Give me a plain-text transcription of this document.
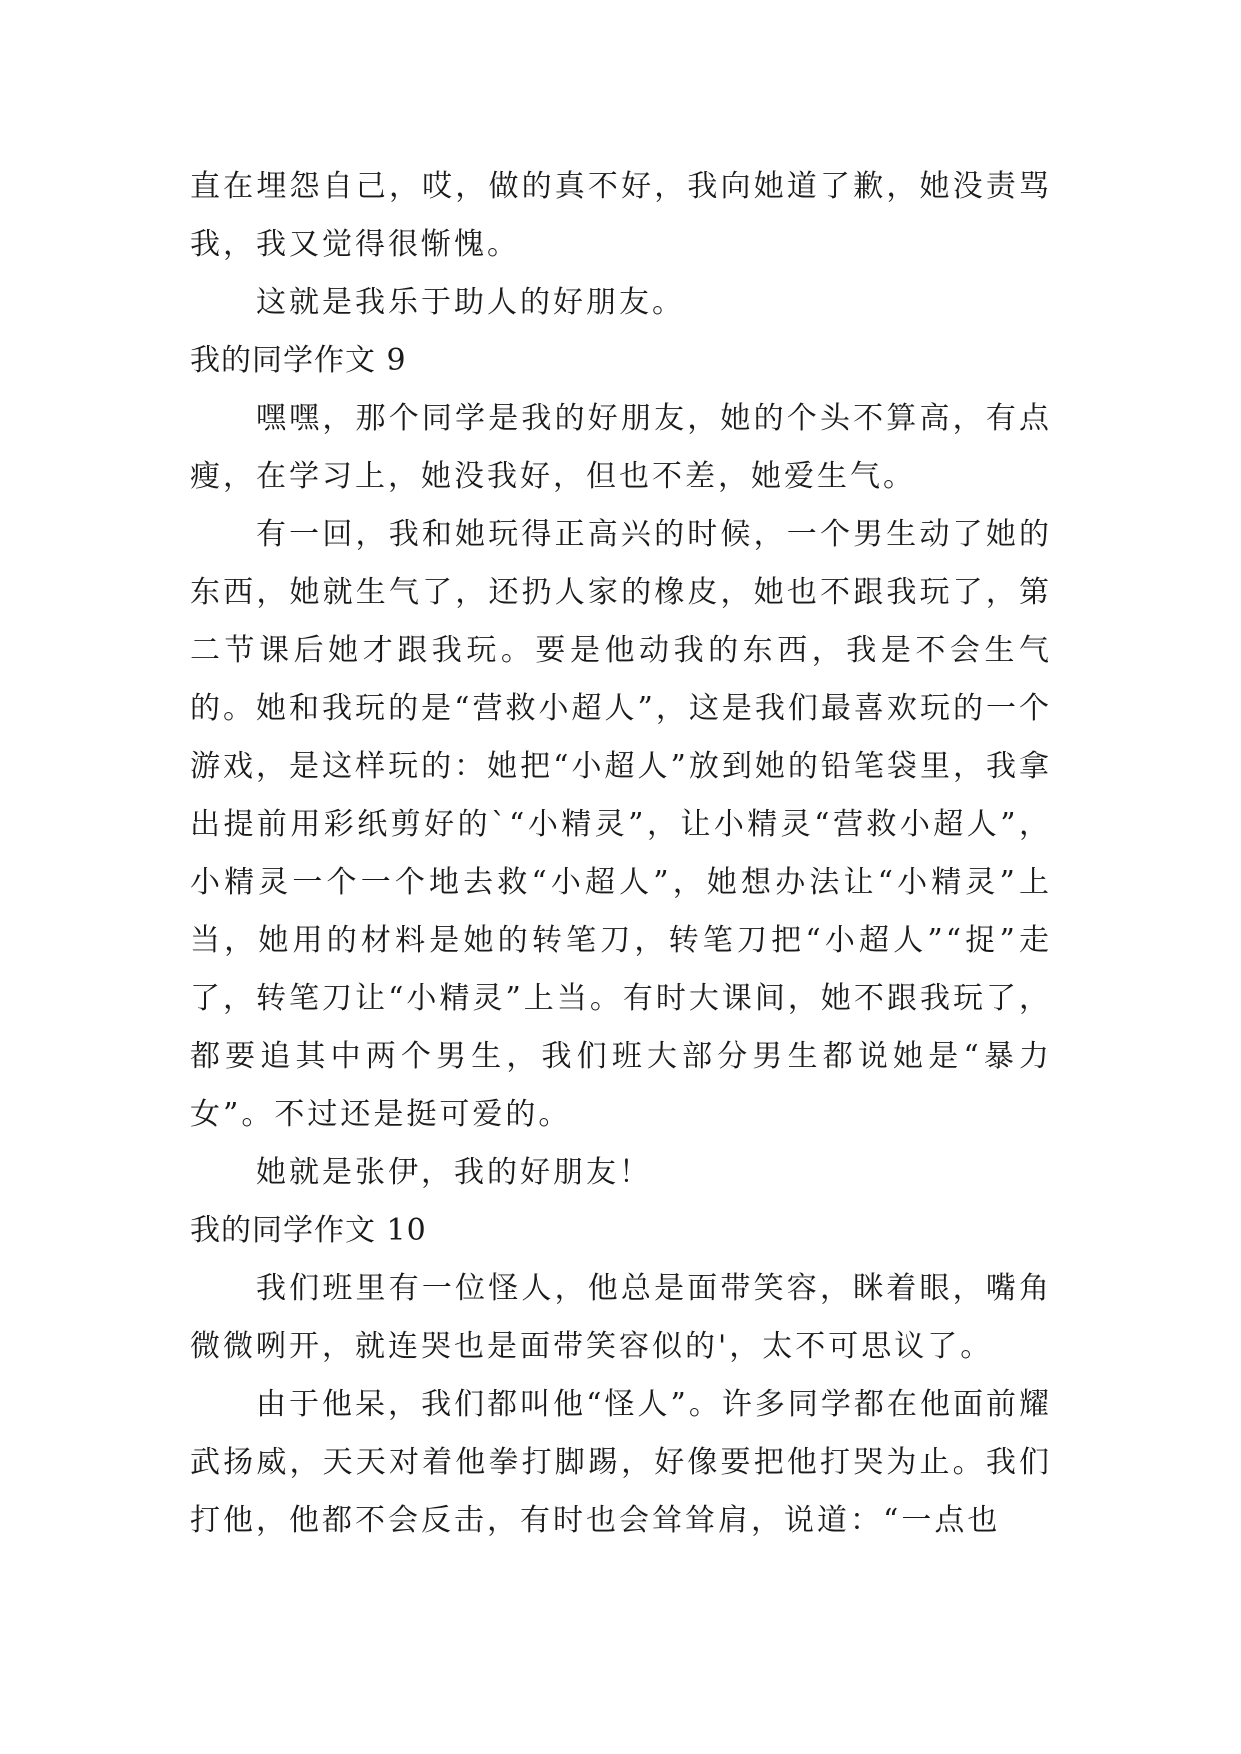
直在埋怨自己，哎，做的真不好，我向她道了歉，她没责骂我，我又觉得很惭愧。

这就是我乐于助人的好朋友。

我的同学作文 9

嘿嘿，那个同学是我的好朋友，她的个头不算高，有点瘦，在学习上，她没我好，但也不差，她爱生气。

有一回，我和她玩得正高兴的时候，一个男生动了她的东西，她就生气了，还扔人家的橡皮，她也不跟我玩了，第二节课后她才跟我玩。要是他动我的东西，我是不会生气的。她和我玩的是“营救小超人”，这是我们最喜欢玩的一个游戏，是这样玩的：她把“小超人”放到她的铅笔袋里，我拿出提前用彩纸剪好的`“小精灵”，让小精灵“营救小超人”，小精灵一个一个地去救“小超人”，她想办法让“小精灵”上当，她用的材料是她的转笔刀，转笔刀把“小超人”“捉”走了，转笔刀让“小精灵”上当。有时大课间，她不跟我玩了，都要追其中两个男生，我们班大部分男生都说她是“暴力女”。不过还是挺可爱的。

她就是张伊，我的好朋友！

我的同学作文 10

我们班里有一位怪人，他总是面带笑容，眯着眼，嘴角微微咧开，就连哭也是面带笑容似的'，太不可思议了。

由于他呆，我们都叫他“怪人”。许多同学都在他面前耀武扬威，天天对着他拳打脚踢，好像要把他打哭为止。我们打他，他都不会反击，有时也会耸耸肩，说道：“一点也
